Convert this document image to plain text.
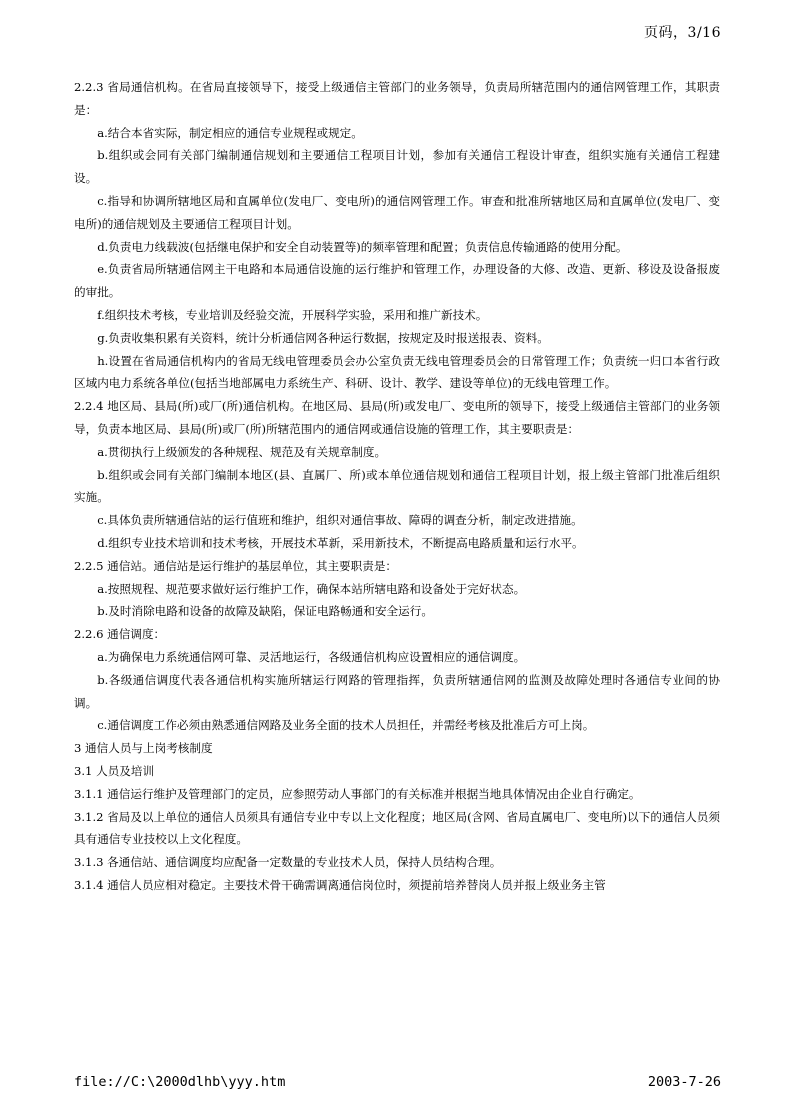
页码，3/16

2.2.3 省局通信机构。在省局直接领导下，接受上级通信主管部门的业务领导，负责局所辖范围内的通信网管理工作，其职责是：

a.结合本省实际，制定相应的通信专业规程或规定。

b.组织或会同有关部门编制通信规划和主要通信工程项目计划，参加有关通信工程设计审查，组织实施有关通信工程建设。

c.指导和协调所辖地区局和直属单位(发电厂、变电所)的通信网管理工作。审查和批准所辖地区局和直属单位(发电厂、变电所)的通信规划及主要通信工程项目计划。

d.负责电力线载波(包括继电保护和安全自动装置等)的频率管理和配置；负责信息传输通路的使用分配。

e.负责省局所辖通信网主干电路和本局通信设施的运行维护和管理工作，办理设备的大修、改造、更新、移设及设备报废的审批。

f.组织技术考核，专业培训及经验交流，开展科学实验，采用和推广新技术。

g.负责收集积累有关资料，统计分析通信网各种运行数据，按规定及时报送报表、资料。

h.设置在省局通信机构内的省局无线电管理委员会办公室负责无线电管理委员会的日常管理工作；负责统一归口本省行政区域内电力系统各单位(包括当地部属电力系统生产、科研、设计、教学、建设等单位)的无线电管理工作。

2.2.4 地区局、县局(所)或厂(所)通信机构。在地区局、县局(所)或发电厂、变电所的领导下，接受上级通信主管部门的业务领导，负责本地区局、县局(所)或厂(所)所辖范围内的通信网或通信设施的管理工作，其主要职责是：

a.贯彻执行上级颁发的各种规程、规范及有关规章制度。

b.组织或会同有关部门编制本地区(县、直属厂、所)或本单位通信规划和通信工程项目计划，报上级主管部门批准后组织实施。

c.具体负责所辖通信站的运行值班和维护，组织对通信事故、障碍的调查分析，制定改进措施。

d.组织专业技术培训和技术考核，开展技术革新，采用新技术，不断提高电路质量和运行水平。

2.2.5 通信站。通信站是运行维护的基层单位，其主要职责是：

a.按照规程、规范要求做好运行维护工作，确保本站所辖电路和设备处于完好状态。

b.及时消除电路和设备的故障及缺陷，保证电路畅通和安全运行。

2.2.6 通信调度：

a.为确保电力系统通信网可靠、灵活地运行，各级通信机构应设置相应的通信调度。

b.各级通信调度代表各通信机构实施所辖运行网路的管理指挥，负责所辖通信网的监测及故障处理时各通信专业间的协调。

c.通信调度工作必须由熟悉通信网路及业务全面的技术人员担任，并需经考核及批准后方可上岗。

3 通信人员与上岗考核制度

3.1 人员及培训

3.1.1 通信运行维护及管理部门的定员，应参照劳动人事部门的有关标准并根据当地具体情况由企业自行确定。

3.1.2 省局及以上单位的通信人员须具有通信专业中专以上文化程度；地区局(含网、省局直属电厂、变电所)以下的通信人员须具有通信专业技校以上文化程度。

3.1.3 各通信站、通信调度均应配备一定数量的专业技术人员，保持人员结构合理。

3.1.4 通信人员应相对稳定。主要技术骨干确需调离通信岗位时，须提前培养替岗人员并报上级业务主管

file://C:\2000dlhb\yyy.htm	2003-7-26
